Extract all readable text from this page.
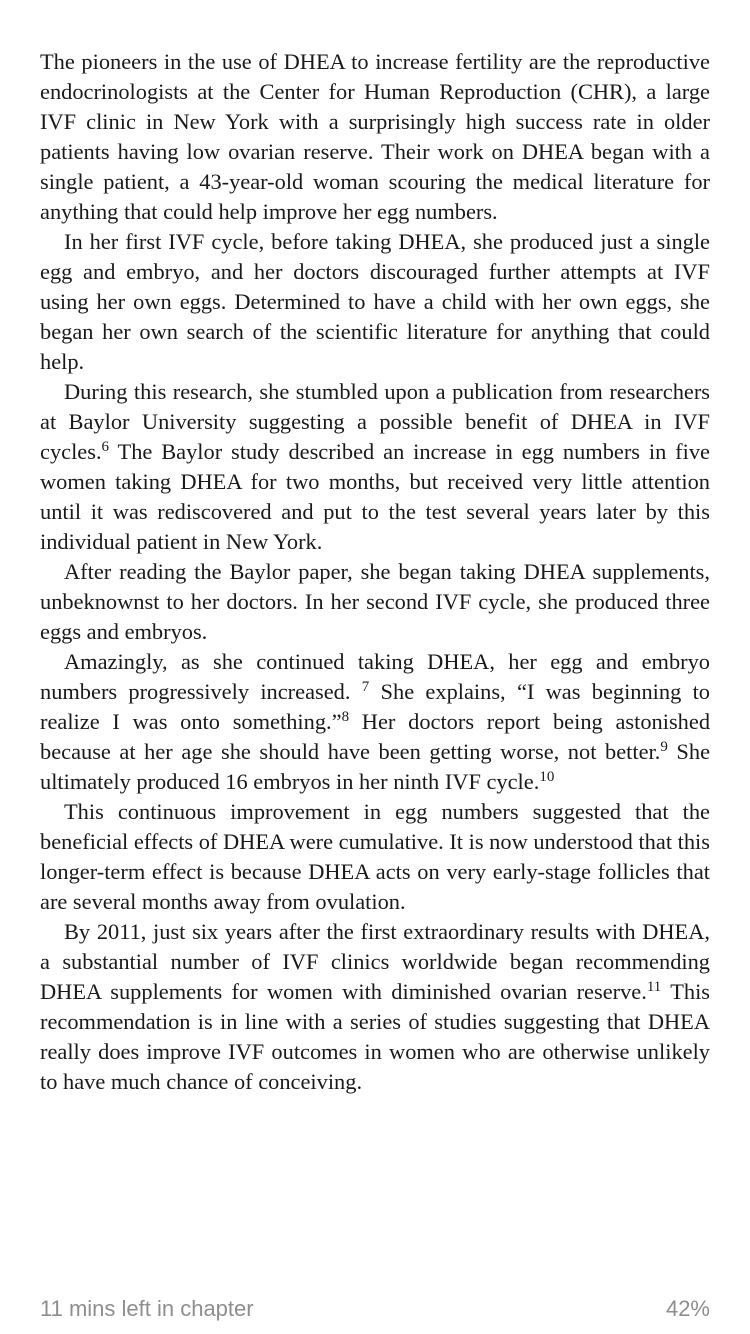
The pioneers in the use of DHEA to increase fertility are the reproductive endocrinologists at the Center for Human Reproduction (CHR), a large IVF clinic in New York with a surprisingly high success rate in older patients having low ovarian reserve. Their work on DHEA began with a single patient, a 43-year-old woman scouring the medical literature for anything that could help improve her egg numbers.

In her first IVF cycle, before taking DHEA, she produced just a single egg and embryo, and her doctors discouraged further attempts at IVF using her own eggs. Determined to have a child with her own eggs, she began her own search of the scientific literature for anything that could help.

During this research, she stumbled upon a publication from researchers at Baylor University suggesting a possible benefit of DHEA in IVF cycles.$^6$ The Baylor study described an increase in egg numbers in five women taking DHEA for two months, but received very little attention until it was rediscovered and put to the test several years later by this individual patient in New York.

After reading the Baylor paper, she began taking DHEA supplements, unbeknownst to her doctors. In her second IVF cycle, she produced three eggs and embryos.

Amazingly, as she continued taking DHEA, her egg and embryo numbers progressively increased. $^7$ She explains, “I was beginning to realize I was onto something.”$^8$ Her doctors report being astonished because at her age she should have been getting worse, not better.$^9$ She ultimately produced 16 embryos in her ninth IVF cycle.$^{10}$

This continuous improvement in egg numbers suggested that the beneficial effects of DHEA were cumulative. It is now understood that this longer-term effect is because DHEA acts on very early-stage follicles that are several months away from ovulation.

By 2011, just six years after the first extraordinary results with DHEA, a substantial number of IVF clinics worldwide began recommending DHEA supplements for women with diminished ovarian reserve.$^{11}$ This recommendation is in line with a series of studies suggesting that DHEA really does improve IVF outcomes in women who are otherwise unlikely to have much chance of conceiving.

11 mins left in chapter	42%
